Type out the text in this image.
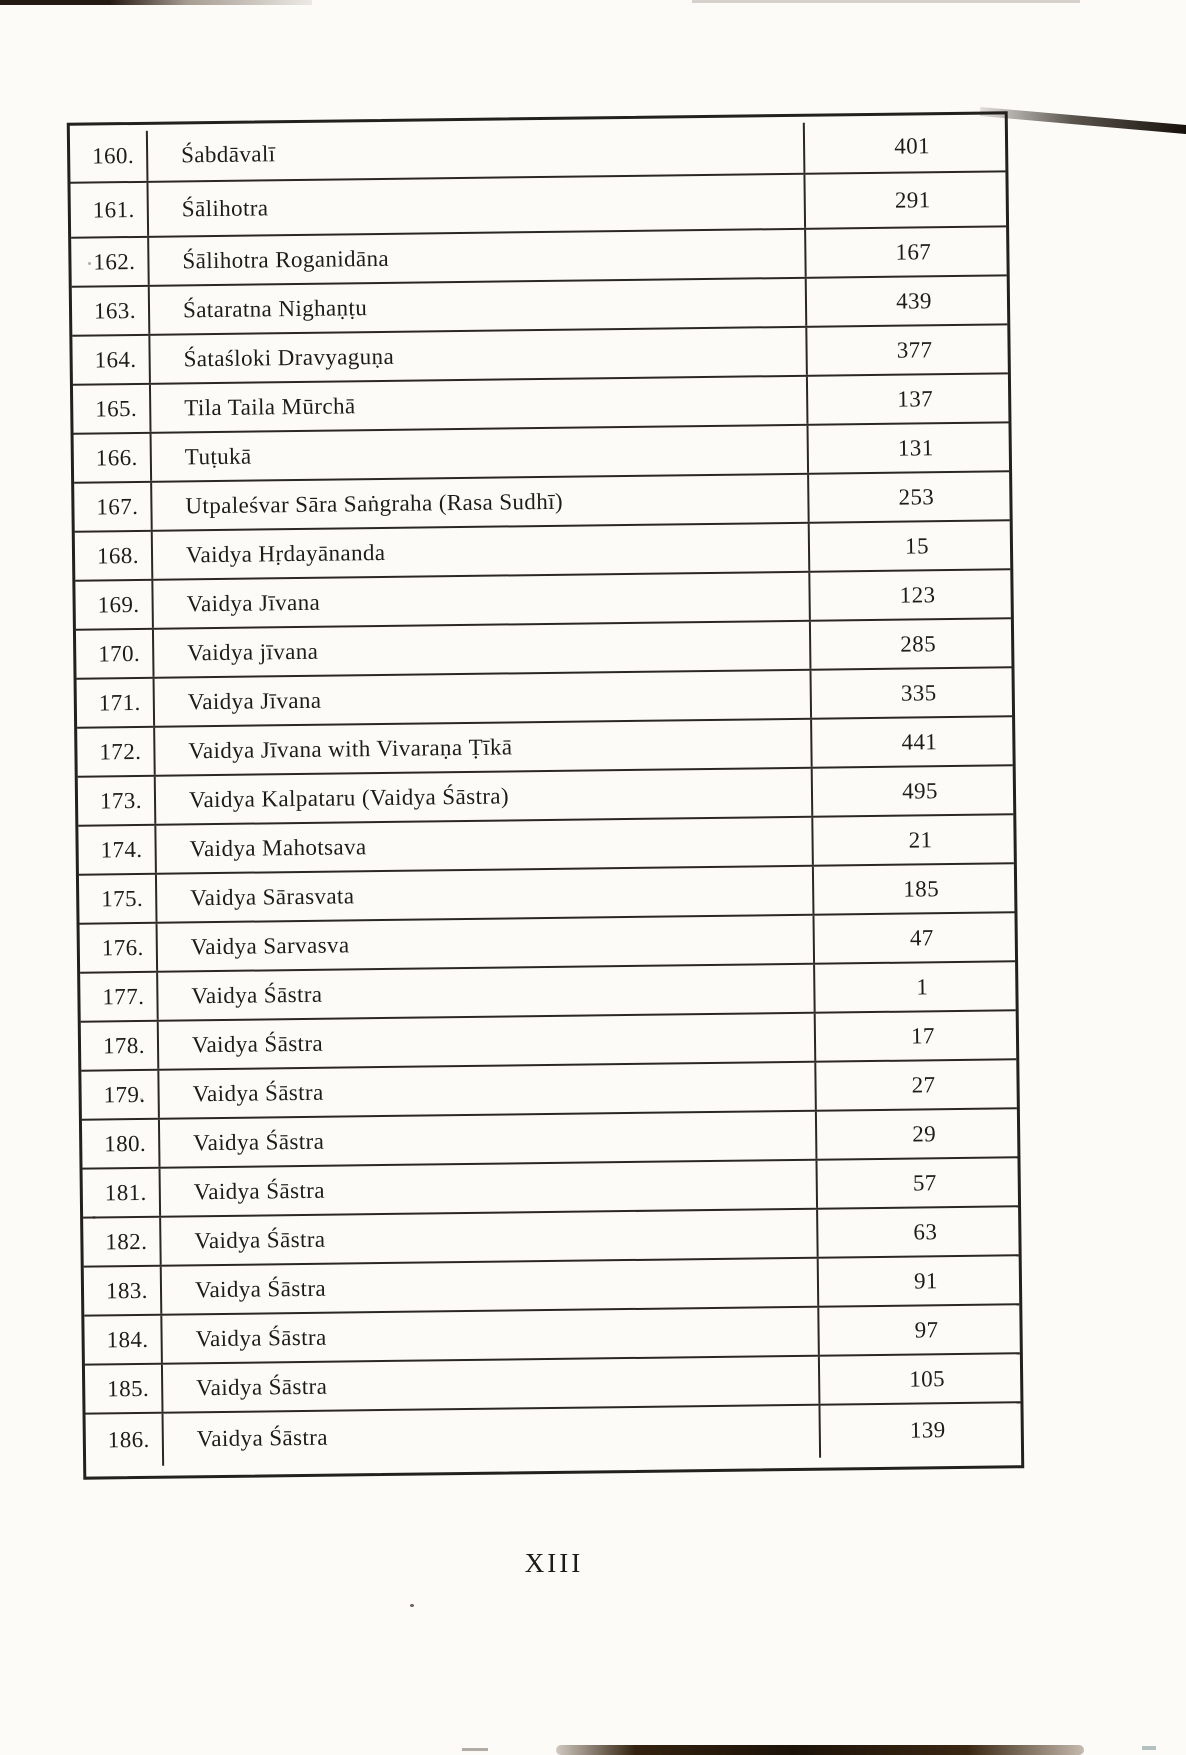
160.	Śabdāvalī	401
161.	Śālihotra	291
162.	Śālihotra Roganidāna	167
163.	Śataratna Nighaṇṭu	439
164.	Śataśloki Dravyaguṇa	377
165.	Tila Taila Mūrchā	137
166.	Tuṭukā	131
167.	Utpaleśvar Sāra Saṅgraha (Rasa Sudhī)	253
168.	Vaidya Hṛdayānanda	15
169.	Vaidya Jīvana	123
170.	Vaidya jīvana	285
171.	Vaidya Jīvana	335
172.	Vaidya Jīvana with Vivaraṇa Ṭīkā	441
173.	Vaidya Kalpataru (Vaidya Śāstra)	495
174.	Vaidya Mahotsava	21
175.	Vaidya Sārasvata	185
176.	Vaidya Sarvasva	47
177.	Vaidya Śāstra	1
178.	Vaidya Śāstra	17
179.	Vaidya Śāstra	27
180.	Vaidya Śāstra	29
181.	Vaidya Śāstra	57
182.	Vaidya Śāstra	63
183.	Vaidya Śāstra	91
184.	Vaidya Śāstra	97
185.	Vaidya Śāstra	105
186.	Vaidya Śāstra	139
XIII
